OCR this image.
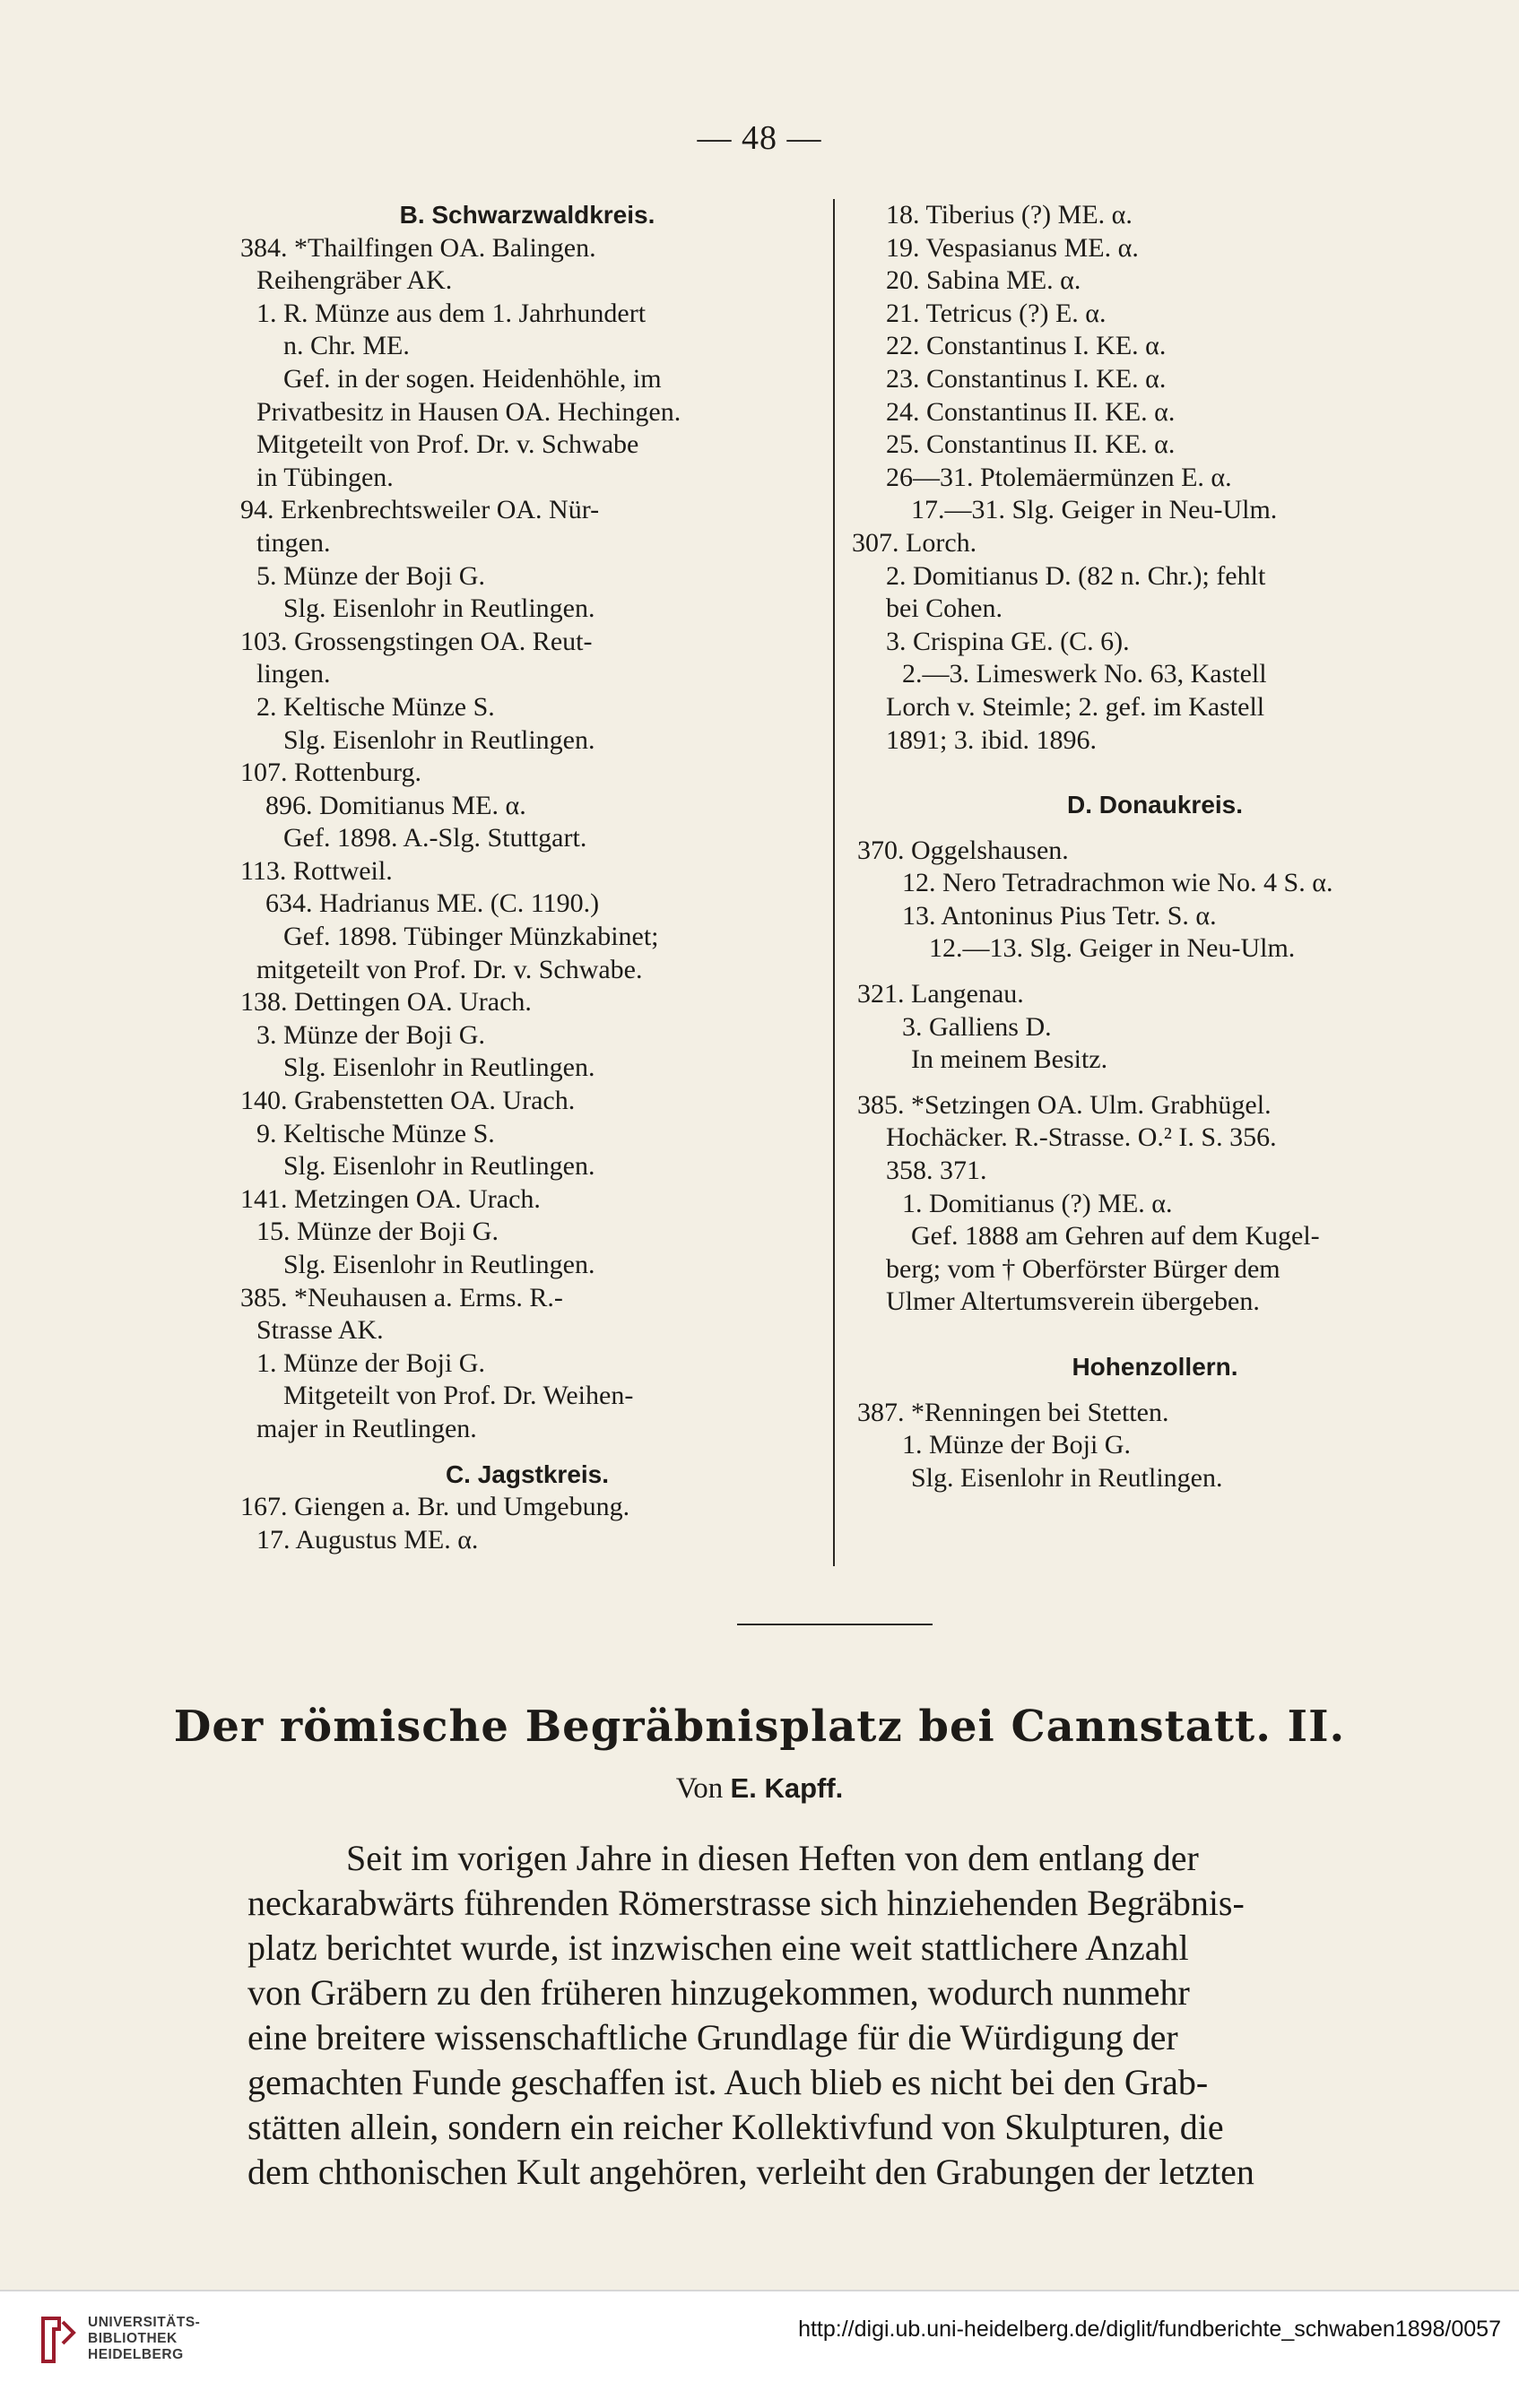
— 48 —
B. Schwarzwaldkreis.
384. *Thailfingen OA. Balingen.
Reihengräber AK.
1. R. Münze aus dem 1. Jahrhundert
n. Chr. ME.
Gef. in der sogen. Heidenhöhle, im
Privatbesitz in Hausen OA. Hechingen.
Mitgeteilt von Prof. Dr. v. Schwabe
in Tübingen.
94. Erkenbrechtsweiler OA. Nür-
tingen.
5. Münze der Boji G.
Slg. Eisenlohr in Reutlingen.
103. Grossengstingen OA. Reut-
lingen.
2. Keltische Münze S.
Slg. Eisenlohr in Reutlingen.
107. Rottenburg.
896. Domitianus ME. α.
Gef. 1898. A.-Slg. Stuttgart.
113. Rottweil.
634. Hadrianus ME. (C. 1190.)
Gef. 1898. Tübinger Münzkabinet;
mitgeteilt von Prof. Dr. v. Schwabe.
138. Dettingen OA. Urach.
3. Münze der Boji G.
Slg. Eisenlohr in Reutlingen.
140. Grabenstetten OA. Urach.
9. Keltische Münze S.
Slg. Eisenlohr in Reutlingen.
141. Metzingen OA. Urach.
15. Münze der Boji G.
Slg. Eisenlohr in Reutlingen.
385. *Neuhausen a. Erms. R.-
Strasse AK.
1. Münze der Boji G.
Mitgeteilt von Prof. Dr. Weihen-
majer in Reutlingen.
C. Jagstkreis.
167. Giengen a. Br. und Umgebung.
17. Augustus ME. α.
18. Tiberius (?) ME. α.
19. Vespasianus ME. α.
20. Sabina ME. α.
21. Tetricus (?) E. α.
22. Constantinus I. KE. α.
23. Constantinus I. KE. α.
24. Constantinus II. KE. α.
25. Constantinus II. KE. α.
26—31. Ptolemäermünzen E. α.
17.—31. Slg. Geiger in Neu-Ulm.
307. Lorch.
2. Domitianus D. (82 n. Chr.); fehlt
bei Cohen.
3. Crispina GE. (C. 6).
2.—3. Limeswerk No. 63, Kastell
Lorch v. Steimle; 2. gef. im Kastell
1891; 3. ibid. 1896.
D. Donaukreis.
370. Oggelshausen.
12. Nero Tetradrachmon wie No. 4 S. α.
13. Antoninus Pius Tetr. S. α.
12.—13. Slg. Geiger in Neu-Ulm.
321. Langenau.
3. Galliens D.
In meinem Besitz.
385. *Setzingen OA. Ulm. Grabhügel.
Hochäcker. R.-Strasse. O.² I. S. 356.
358. 371.
1. Domitianus (?) ME. α.
Gef. 1888 am Gehren auf dem Kugel-
berg; vom † Oberförster Bürger dem
Ulmer Altertumsverein übergeben.
Hohenzollern.
387. *Renningen bei Stetten.
1. Münze der Boji G.
Slg. Eisenlohr in Reutlingen.
Der römische Begräbnisplatz bei Cannstatt. II.
Von E. Kapff.
Seit im vorigen Jahre in diesen Heften von dem entlang der
neckarabwärts führenden Römerstrasse sich hinziehenden Begräbnis-
platz berichtet wurde, ist inzwischen eine weit stattlichere Anzahl
von Gräbern zu den früheren hinzugekommen, wodurch nunmehr
eine breitere wissenschaftliche Grundlage für die Würdigung der
gemachten Funde geschaffen ist. Auch blieb es nicht bei den Grab-
stätten allein, sondern ein reicher Kollektivfund von Skulpturen, die
dem chthonischen Kult angehören, verleiht den Grabungen der letzten
UNIVERSITÄTS-
BIBLIOTHEK
HEIDELBERG
http://digi.ub.uni-heidelberg.de/diglit/fundberichte_schwaben1898/0057
